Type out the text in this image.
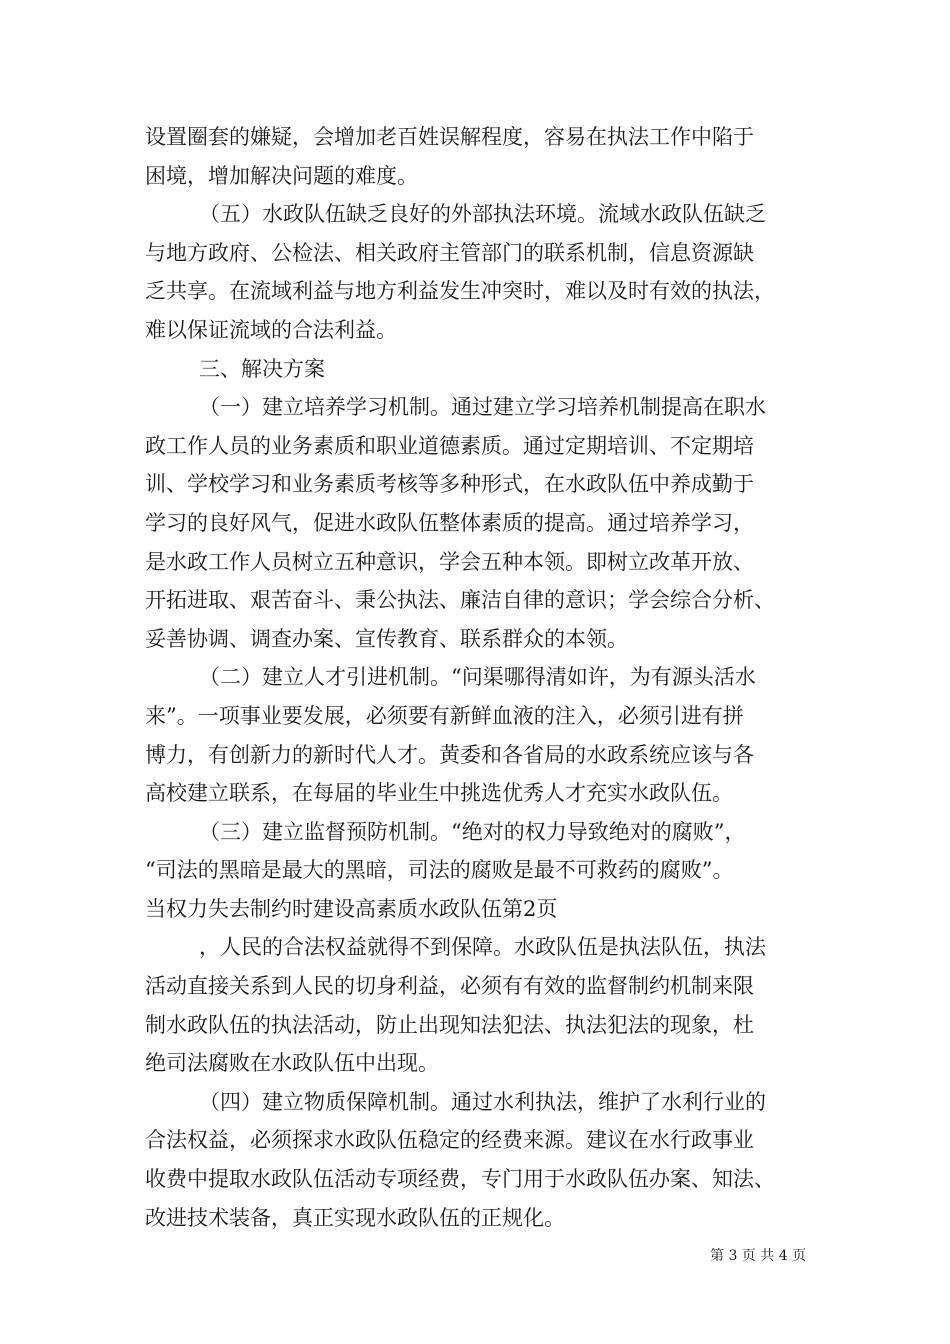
设置圈套的嫌疑，会增加老百姓误解程度，容易在执法工作中陷于
困境，增加解决问题的难度。
（五）水政队伍缺乏良好的外部执法环境。流域水政队伍缺乏
与地方政府、公检法、相关政府主管部门的联系机制，信息资源缺
乏共享。在流域利益与地方利益发生冲突时，难以及时有效的执法，
难以保证流域的合法利益。
三、解决方案
（一）建立培养学习机制。通过建立学习培养机制提高在职水
政工作人员的业务素质和职业道德素质。通过定期培训、不定期培
训、学校学习和业务素质考核等多种形式，在水政队伍中养成勤于
学习的良好风气，促进水政队伍整体素质的提高。通过培养学习，
是水政工作人员树立五种意识，学会五种本领。即树立改革开放、
开拓进取、艰苦奋斗、秉公执法、廉洁自律的意识；学会综合分析、
妥善协调、调查办案、宣传教育、联系群众的本领。
（二）建立人才引进机制。“问渠哪得清如许，为有源头活水
来”。一项事业要发展，必须要有新鲜血液的注入，必须引进有拼
博力，有创新力的新时代人才。黄委和各省局的水政系统应该与各
高校建立联系，在每届的毕业生中挑选优秀人才充实水政队伍。
（三）建立监督预防机制。“绝对的权力导致绝对的腐败”，
“司法的黑暗是最大的黑暗，司法的腐败是最不可救药的腐败”。
当权力失去制约时建设高素质水政队伍第2页
，人民的合法权益就得不到保障。水政队伍是执法队伍，执法
活动直接关系到人民的切身利益，必须有有效的监督制约机制来限
制水政队伍的执法活动，防止出现知法犯法、执法犯法的现象，杜
绝司法腐败在水政队伍中出现。
（四）建立物质保障机制。通过水利执法，维护了水利行业的
合法权益，必须探求水政队伍稳定的经费来源。建议在水行政事业
收费中提取水政队伍活动专项经费，专门用于水政队伍办案、知法、
改进技术装备，真正实现水政队伍的正规化。
第 3 页 共 4 页
